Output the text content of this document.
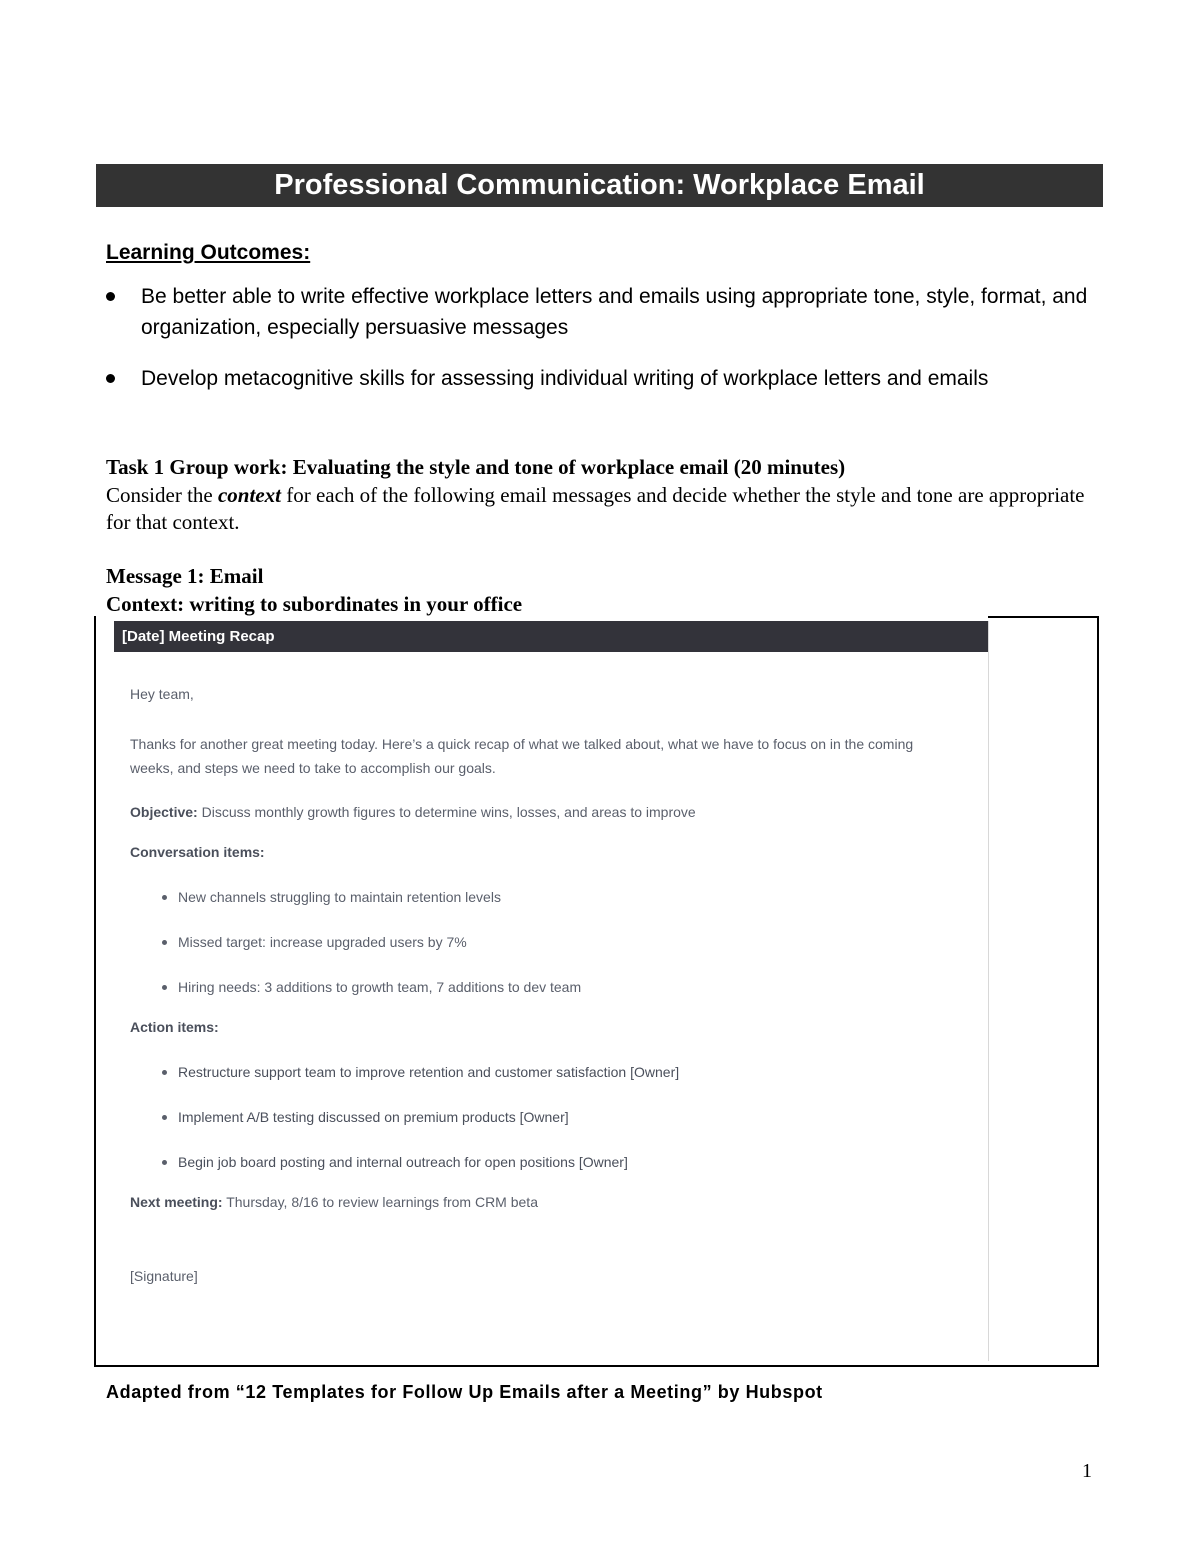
Professional Communication: Workplace Email
Learning Outcomes:
Be better able to write effective workplace letters and emails using appropriate tone, style, format, and organization, especially persuasive messages
Develop metacognitive skills for assessing individual writing of workplace letters and emails
Task 1 Group work: Evaluating the style and tone of workplace email (20 minutes)
Consider the context for each of the following email messages and decide whether the style and tone are appropriate for that context.
Message 1: Email
Context: writing to subordinates in your office
[Date] Meeting Recap

Hey team,

Thanks for another great meeting today. Here’s a quick recap of what we talked about, what we have to focus on in the coming weeks, and steps we need to take to accomplish our goals.

Objective: Discuss monthly growth figures to determine wins, losses, and areas to improve

Conversation items:

New channels struggling to maintain retention levels
Missed target: increase upgraded users by 7%
Hiring needs: 3 additions to growth team, 7 additions to dev team

Action items:

Restructure support team to improve retention and customer satisfaction [Owner]
Implement A/B testing discussed on premium products [Owner]
Begin job board posting and internal outreach for open positions [Owner]

Next meeting: Thursday, 8/16 to review learnings from CRM beta

[Signature]

Adapted from “12 Templates for Follow Up Emails after a Meeting” by Hubspot
1
